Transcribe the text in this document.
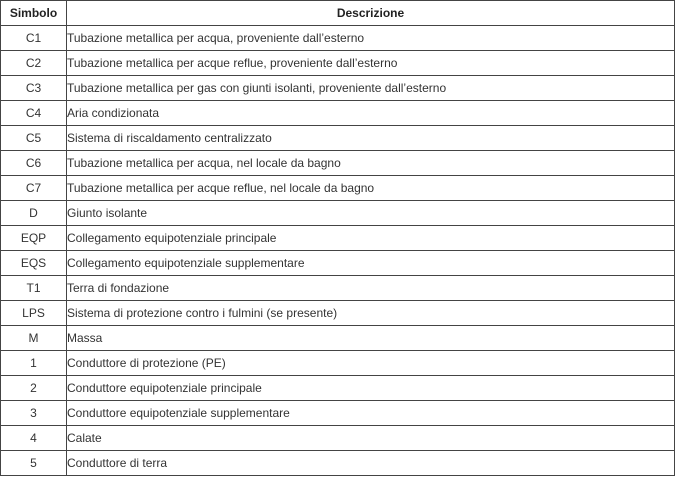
Simbolo	Descrizione
C1	Tubazione metallica per acqua, proveniente dall’esterno
C2	Tubazione metallica per acque reflue, proveniente dall’esterno
C3	Tubazione metallica per gas con giunti isolanti, proveniente dall’esterno
C4	Aria condizionata
C5	Sistema di riscaldamento centralizzato
C6	Tubazione metallica per acqua, nel locale da bagno
C7	Tubazione metallica per acque reflue, nel locale da bagno
D	Giunto isolante
EQP	Collegamento equipotenziale principale
EQS	Collegamento equipotenziale supplementare
T1	Terra di fondazione
LPS	Sistema di protezione contro i fulmini (se presente)
M	Massa
1	Conduttore di protezione (PE)
2	Conduttore equipotenziale principale
3	Conduttore equipotenziale supplementare
4	Calate
5	Conduttore di terra
